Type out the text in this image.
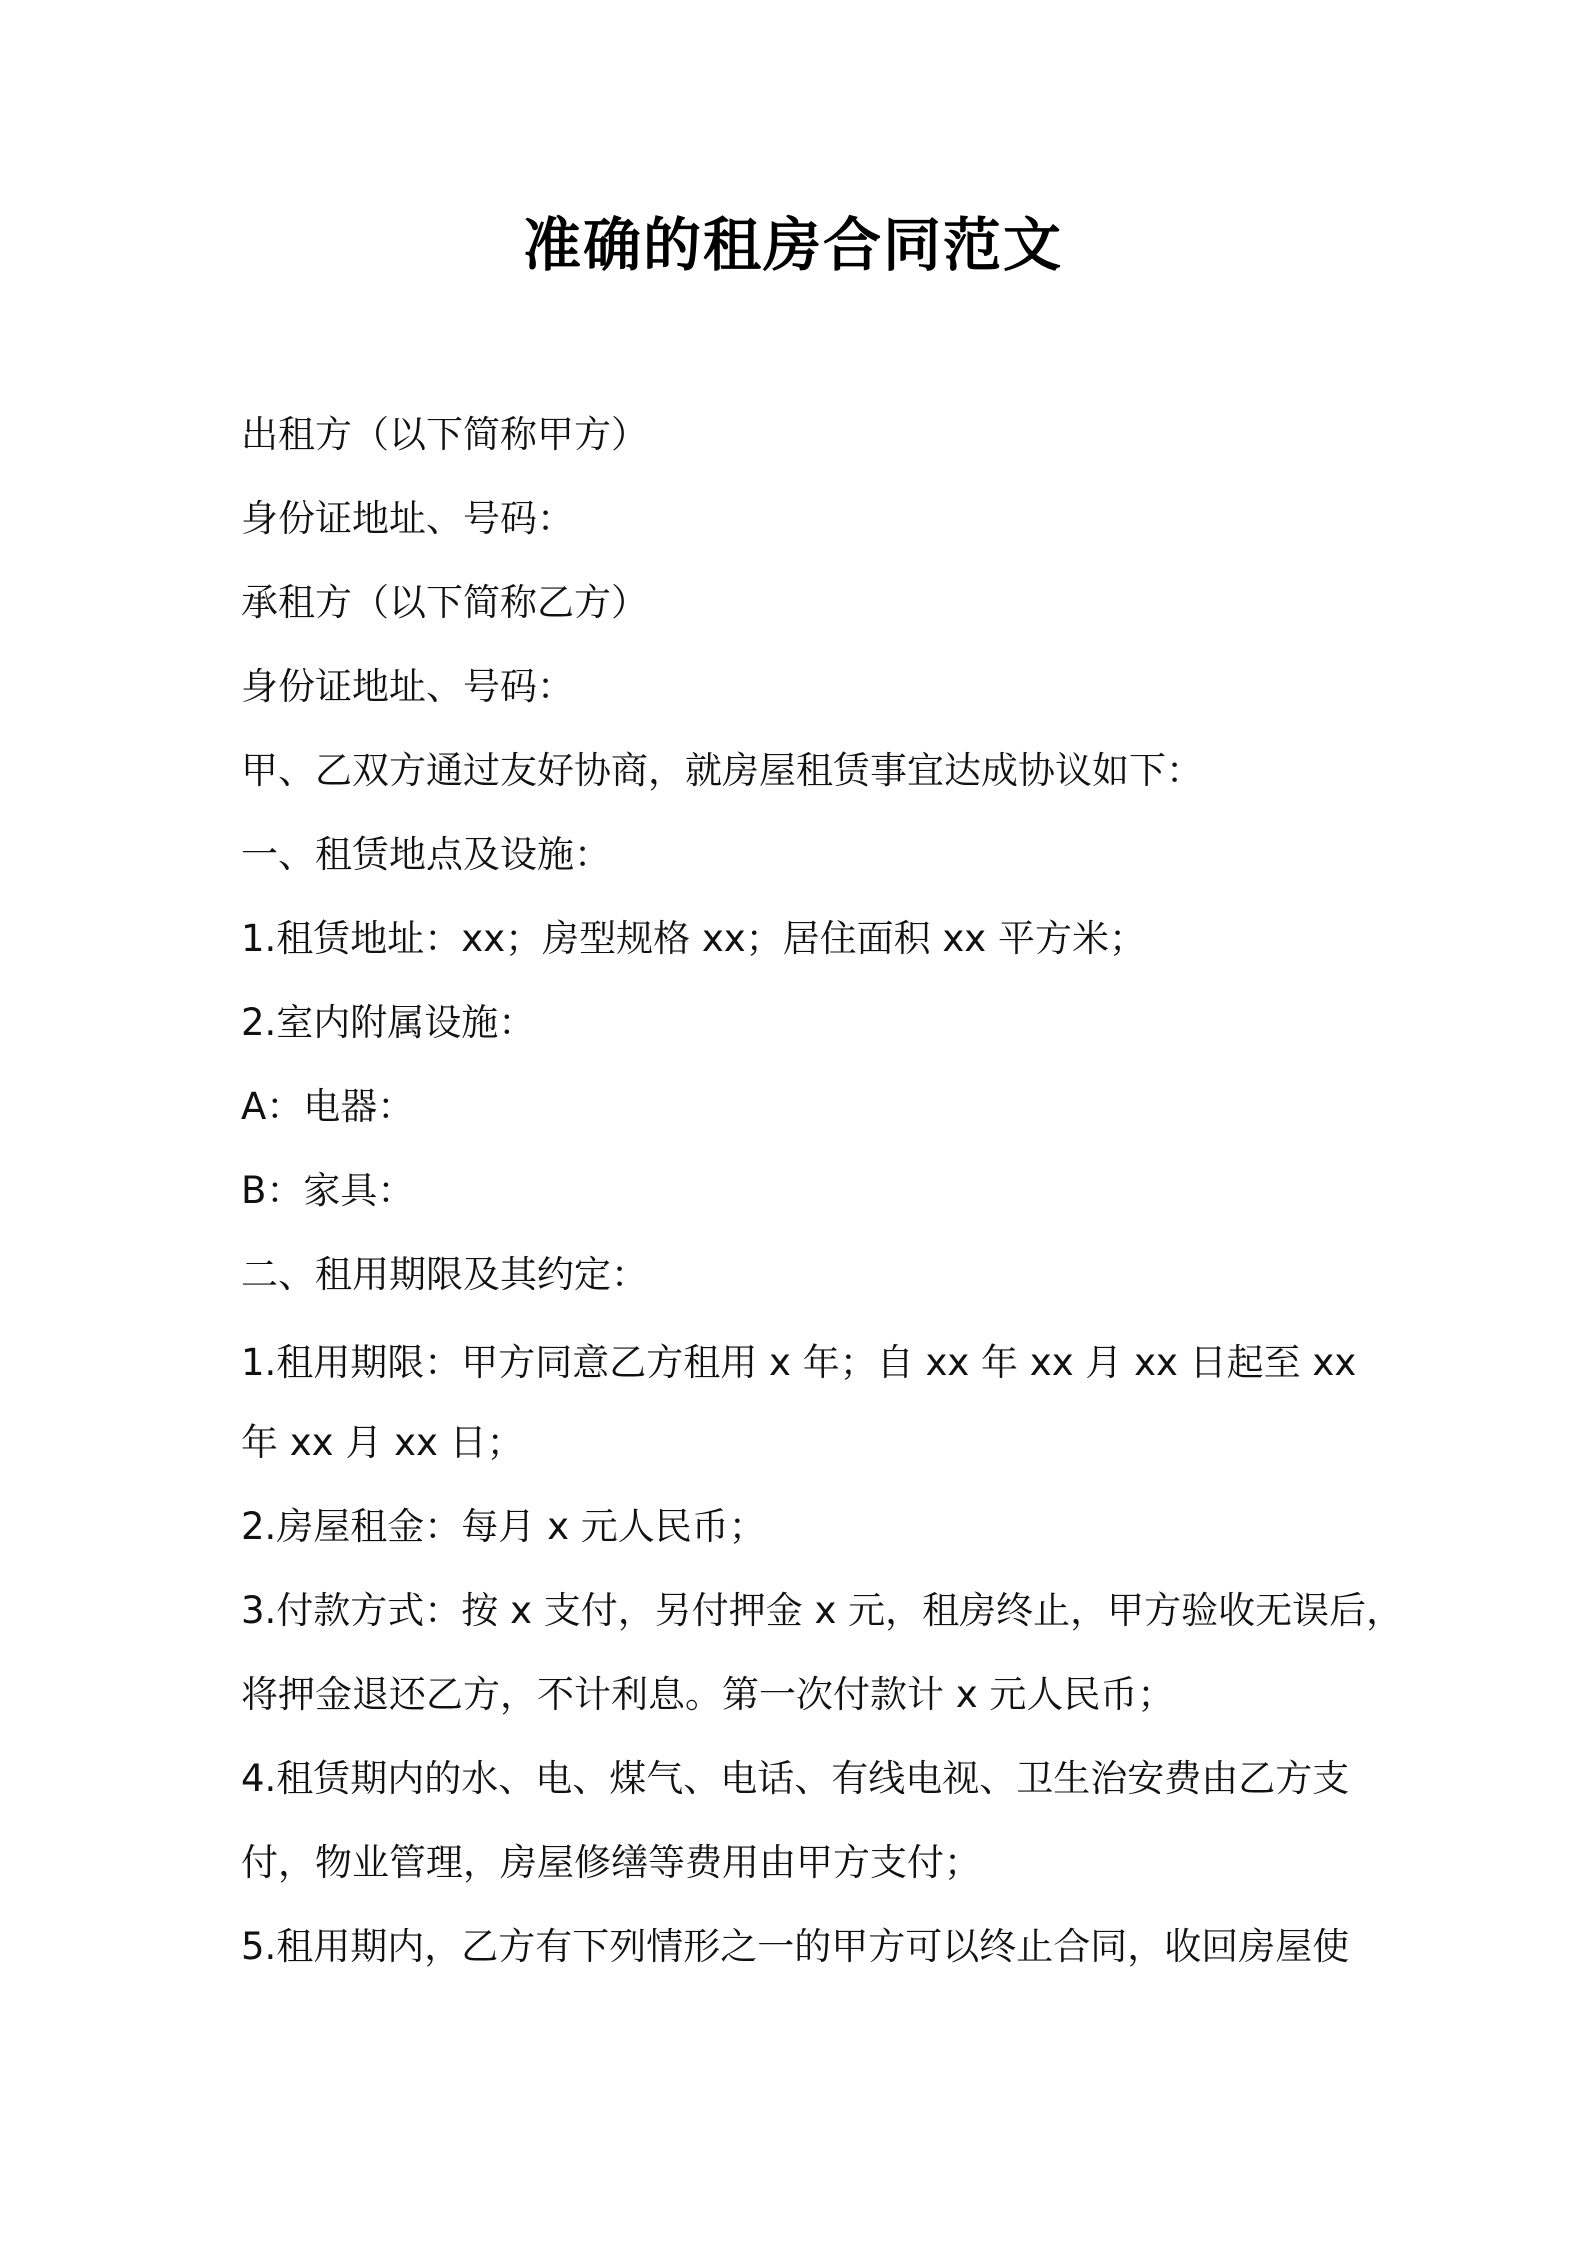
准确的租房合同范文
出租方（以下简称甲方）
身份证地址、号码：
承租方（以下简称乙方）
身份证地址、号码：
甲、乙双方通过友好协商，就房屋租赁事宜达成协议如下：
一、租赁地点及设施：
1.租赁地址：xx；房型规格 xx；居住面积 xx 平方米；
2.室内附属设施：
A：电器：
B：家具：
二、租用期限及其约定：
1.租用期限：甲方同意乙方租用 x 年；自 xx 年 xx 月 xx 日起至 xx
年 xx 月 xx 日；
2.房屋租金：每月 x 元人民币；
3.付款方式：按 x 支付，另付押金 x 元，租房终止，甲方验收无误后，
将押金退还乙方，不计利息。第一次付款计 x 元人民币；
4.租赁期内的水、电、煤气、电话、有线电视、卫生治安费由乙方支
付，物业管理，房屋修缮等费用由甲方支付；
5.租用期内，乙方有下列情形之一的甲方可以终止合同，收回房屋使
